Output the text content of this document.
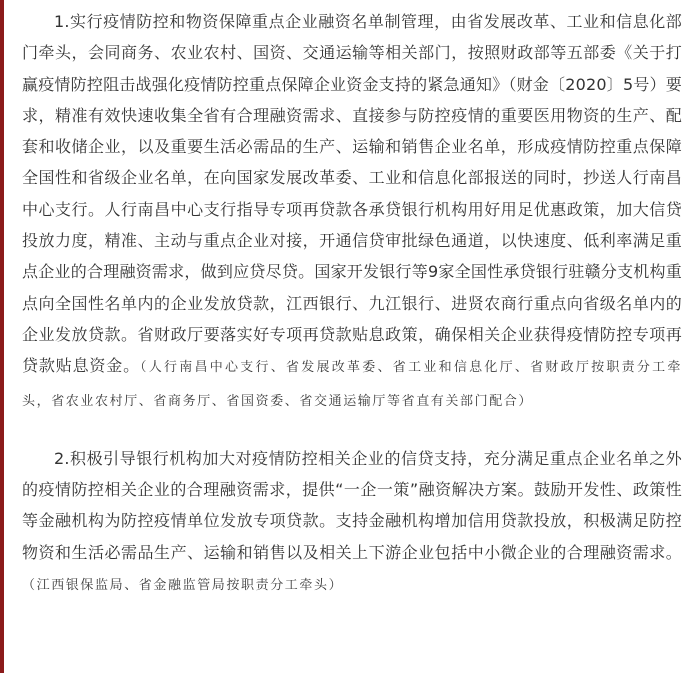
1.实行疫情防控和物资保障重点企业融资名单制管理，由省发展改革、工业和信息化部门牵头，会同商务、农业农村、国资、交通运输等相关部门，按照财政部等五部委《关于打赢疫情防控阻击战强化疫情防控重点保障企业资金支持的紧急通知》（财金〔2020〕5号）要求，精准有效快速收集全省有合理融资需求、直接参与防控疫情的重要医用物资的生产、配套和收储企业，以及重要生活必需品的生产、运输和销售企业名单，形成疫情防控重点保障全国性和省级企业名单，在向国家发展改革委、工业和信息化部报送的同时，抄送人行南昌中心支行。人行南昌中心支行指导专项再贷款各承贷银行机构用好用足优惠政策，加大信贷投放力度，精准、主动与重点企业对接，开通信贷审批绿色通道，以快速度、低利率满足重点企业的合理融资需求，做到应贷尽贷。国家开发银行等9家全国性承贷银行驻赣分支机构重点向全国性名单内的企业发放贷款，江西银行、九江银行、进贤农商行重点向省级名单内的企业发放贷款。省财政厅要落实好专项再贷款贴息政策，确保相关企业获得疫情防控专项再贷款贴息资金。（人行南昌中心支行、省发展改革委、省工业和信息化厅、省财政厅按职责分工牵头，省农业农村厅、省商务厅、省国资委、省交通运输厅等省直有关部门配合）

2.积极引导银行机构加大对疫情防控相关企业的信贷支持，充分满足重点企业名单之外的疫情防控相关企业的合理融资需求，提供“一企一策”融资解决方案。鼓励开发性、政策性等金融机构为防控疫情单位发放专项贷款。支持金融机构增加信用贷款投放，积极满足防控物资和生活必需品生产、运输和销售以及相关上下游企业包括中小微企业的合理融资需求。（江西银保监局、省金融监管局按职责分工牵头）
